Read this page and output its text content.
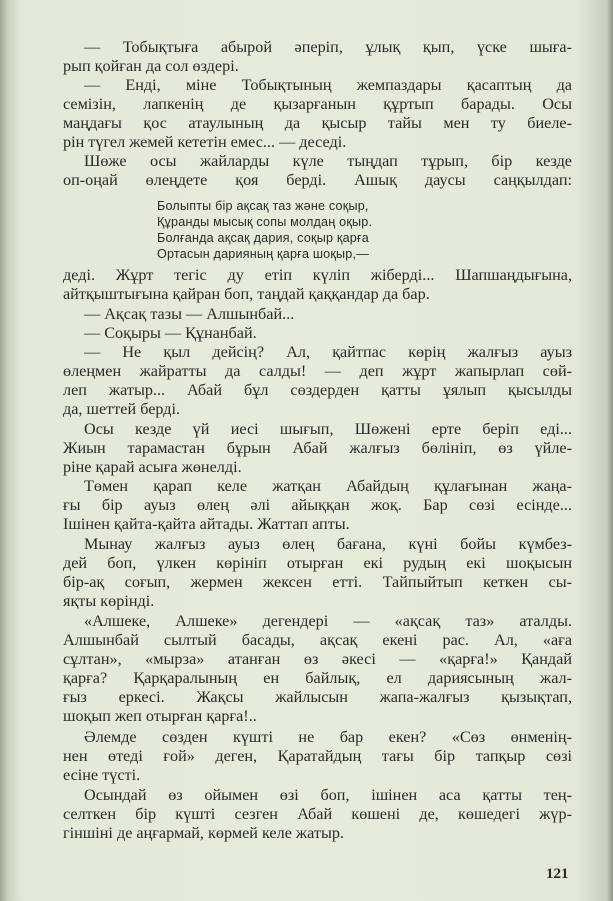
— Тобықтыға абырой әперіп, ұлық қып, үске шыға-
рып қойған да сол өздері.
— Енді, міне Тобықтының жемпаздары қасаптың да
семізін, лапкенің де қызарғанын құртып барады. Осы
маңдағы қос атаулының да қысыр тайы мен ту биеле-
рін түгел жемей кететін емес... — деседі.
Шөже осы жайларды күле тыңдап тұрып, бір кезде
оп-оңай өлеңдете қоя берді. Ашық даусы саңқылдап:
Болыпты бір ақсақ таз және соқыр,
Құранды мысық сопы молдаң оқыр.
Болғанда ақсақ дария, соқыр қарға
Ортасын дарияның қарға шоқыр,—
деді. Жұрт тегіс ду етіп күліп жіберді... Шапшаңдығына,
айтқыштығына қайран боп, таңдай қаққандар да бар.
— Ақсақ тазы — Алшынбай...
— Соқыры — Құнанбай.
— Не қыл дейсің? Ал, қайтпас көрің жалғыз ауыз
өлеңмен жайратты да салды! — деп жұрт жапырлап сөй-
леп жатыр... Абай бұл сөздерден қатты ұялып қысылды
да, шеттей берді.
Осы кезде үй иесі шығып, Шөжені ерте беріп еді...
Жиын тарамастан бұрын Абай жалғыз бөлініп, өз үйле-
ріне қарай асыға жөнелді.
Төмен қарап келе жатқан Абайдың құлағынан жаңа-
ғы бір ауыз өлең әлі айыққан жоқ. Бар сөзі есінде...
Ішінен қайта-қайта айтады. Жаттап апты.
Мынау жалғыз ауыз өлең бағана, күні бойы күмбез-
дей боп, үлкен көрініп отырған екі рудың екі шоқысын
бір-ақ соғып, жермен жексен етті. Тайпыйтып кеткен сы-
яқты көрінді.
«Алшеке, Алшеке» дегендері — «ақсақ таз» аталды.
Алшынбай сылтый басады, ақсақ екені рас. Ал, «аға
сұлтан», «мырза» атанған өз әкесі — «қарға!» Қандай
қарға? Қарқаралының ен байлық, ел дариясының жал-
ғыз еркесі. Жақсы жайлысын жапа-жалғыз қызықтап,
шоқып жеп отырған қарға!..
Әлемде сөзден күшті не бар екен? «Сөз өнменің-
нен өтеді ғой» деген, Қаратайдың тағы бір тапқыр сөзі
есіне түсті.
Осындай өз ойымен өзі боп, ішінен аса қатты тең-
селткен бір күшті сезген Абай көшені де, көшедегі жүр-
гіншіні де аңғармай, көрмей келе жатыр.
121
